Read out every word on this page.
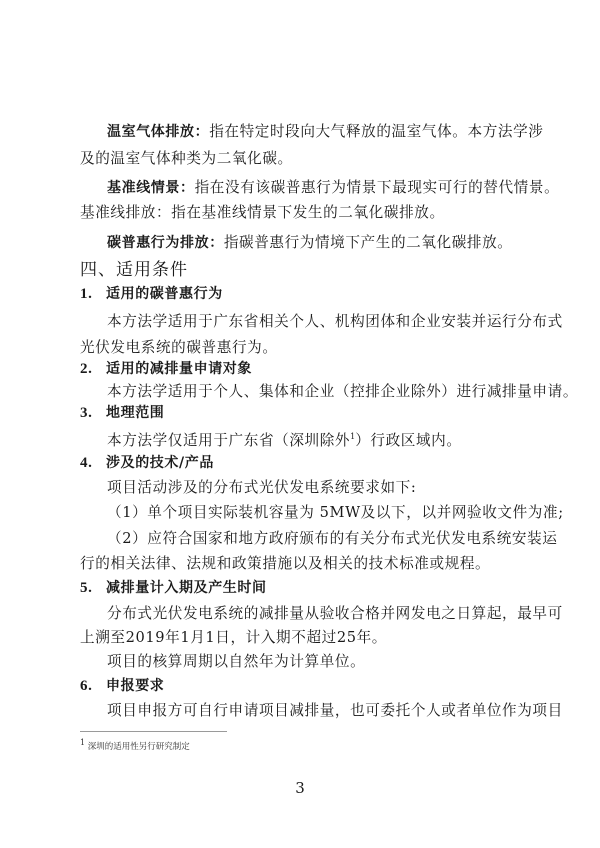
温室气体排放：指在特定时段向大气释放的温室气体。本方法学涉
及的温室气体种类为二氧化碳。
基准线情景：指在没有该碳普惠行为情景下最现实可行的替代情景。
基准线排放：指在基准线情景下发生的二氧化碳排放。
碳普惠行为排放：指碳普惠行为情境下产生的二氧化碳排放。
四、适用条件
1. 适用的碳普惠行为
本方法学适用于广东省相关个人、机构团体和企业安装并运行分布式
光伏发电系统的碳普惠行为。
2. 适用的减排量申请对象
本方法学适用于个人、集体和企业（控排企业除外）进行减排量申请。
3. 地理范围
本方法学仅适用于广东省（深圳除外$^1$）行政区域内。
4. 涉及的技术/产品
项目活动涉及的分布式光伏发电系统要求如下:
（1）单个项目实际装机容量为 5MW及以下，以并网验收文件为准;
（2）应符合国家和地方政府颁布的有关分布式光伏发电系统安装运
行的相关法律、法规和政策措施以及相关的技术标准或规程。
5. 减排量计入期及产生时间
分布式光伏发电系统的减排量从验收合格并网发电之日算起，最早可
上溯至2019年1月1日，计入期不超过25年。
项目的核算周期以自然年为计算单位。
6. 申报要求
项目申报方可自行申请项目减排量，也可委托个人或者单位作为项目
1 深圳的适用性另行研究制定
3
